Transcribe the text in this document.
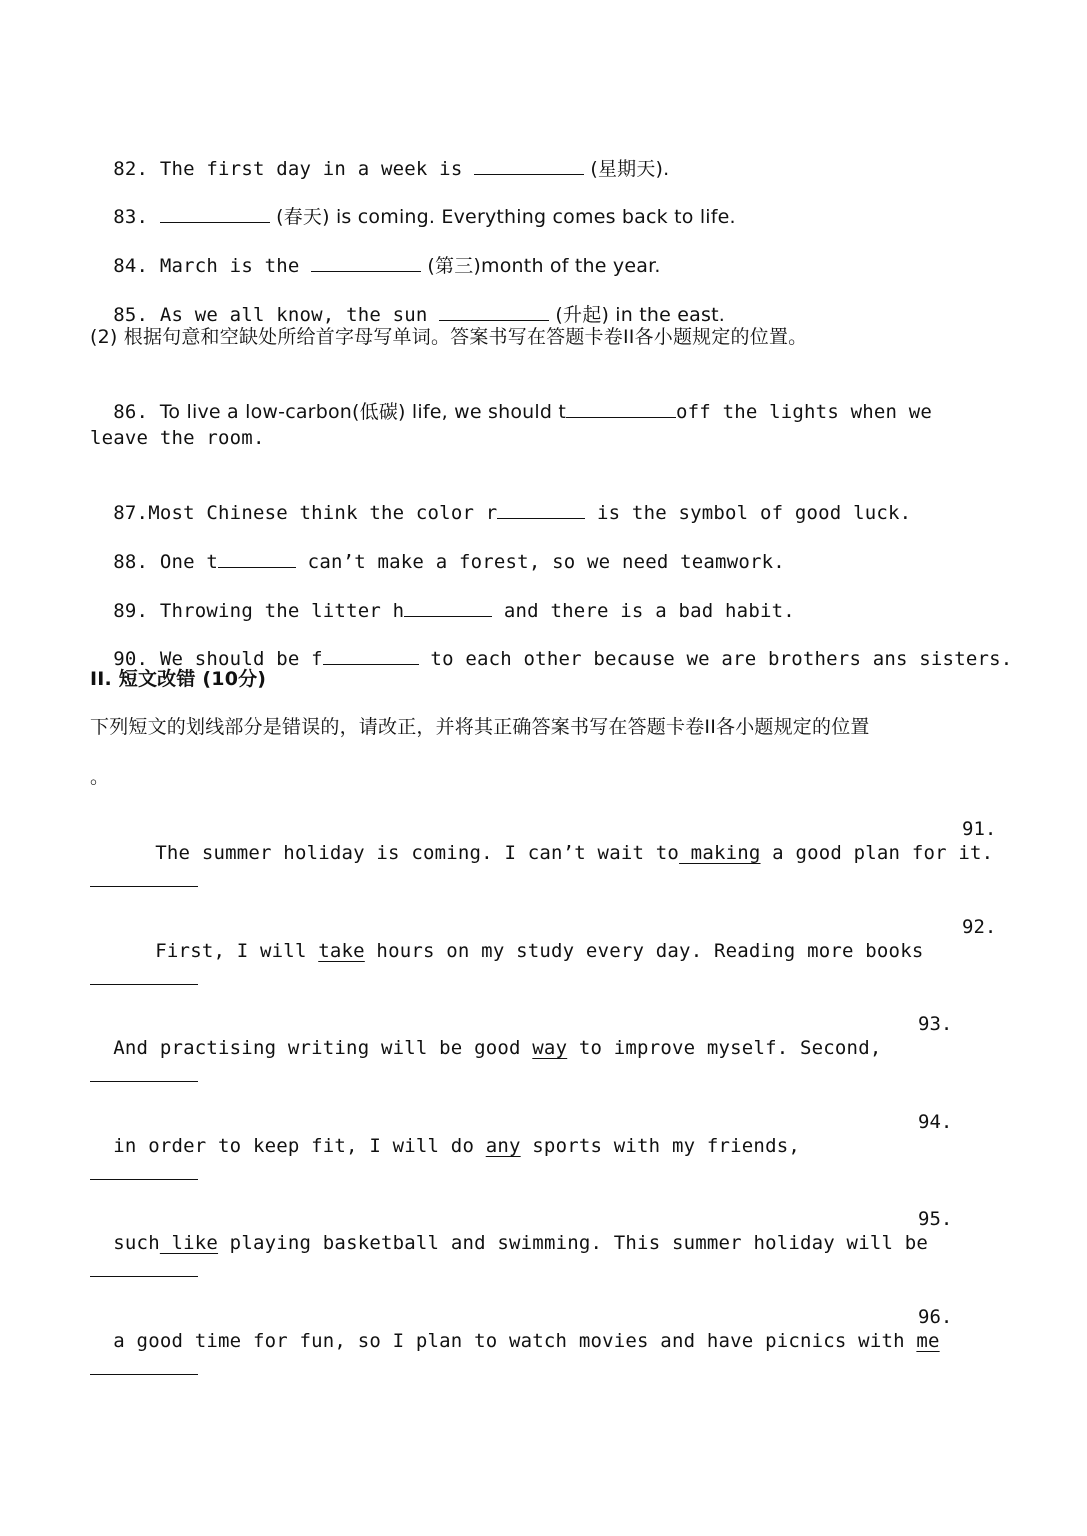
82. The first day in a week is	(星期天).

83.	(春天) is coming. Everything comes back to life.

84. March is the	(第三)month of the year.

85. As we all know, the sun	(升起) in the east.

(2) 根据句意和空缺处所给首字母写单词。答案书写在答题卡卷II各小题规定的位置。

86. To live a low-carbon(低碳) life, we should t	off the lights when we

leave the room.

87.Most Chinese think the color r	is the symbol of good luck.

88. One t	can’t make a forest, so we need teamwork.

89. Throwing the litter h	and there is a bad habit.

90. We should be f	to each other because we are brothers ans sisters.

II. 短文改错 (10分)
下列短文的划线部分是错误的，请改正，并将其正确答案书写在答题卡卷II各小题规定的位置
。

The summer holiday is coming. I can’t wait to making a good plan for it.

91.

First, I will take hours on my study every day. Reading more books

92.

And practising writing will be good way to improve myself. Second,

93.

in order to keep fit, I will do any sports with my friends,

94.

such like playing basketball and swimming. This summer holiday will be

95.

a good time for fun, so I plan to watch movies and have picnics with me

96.
